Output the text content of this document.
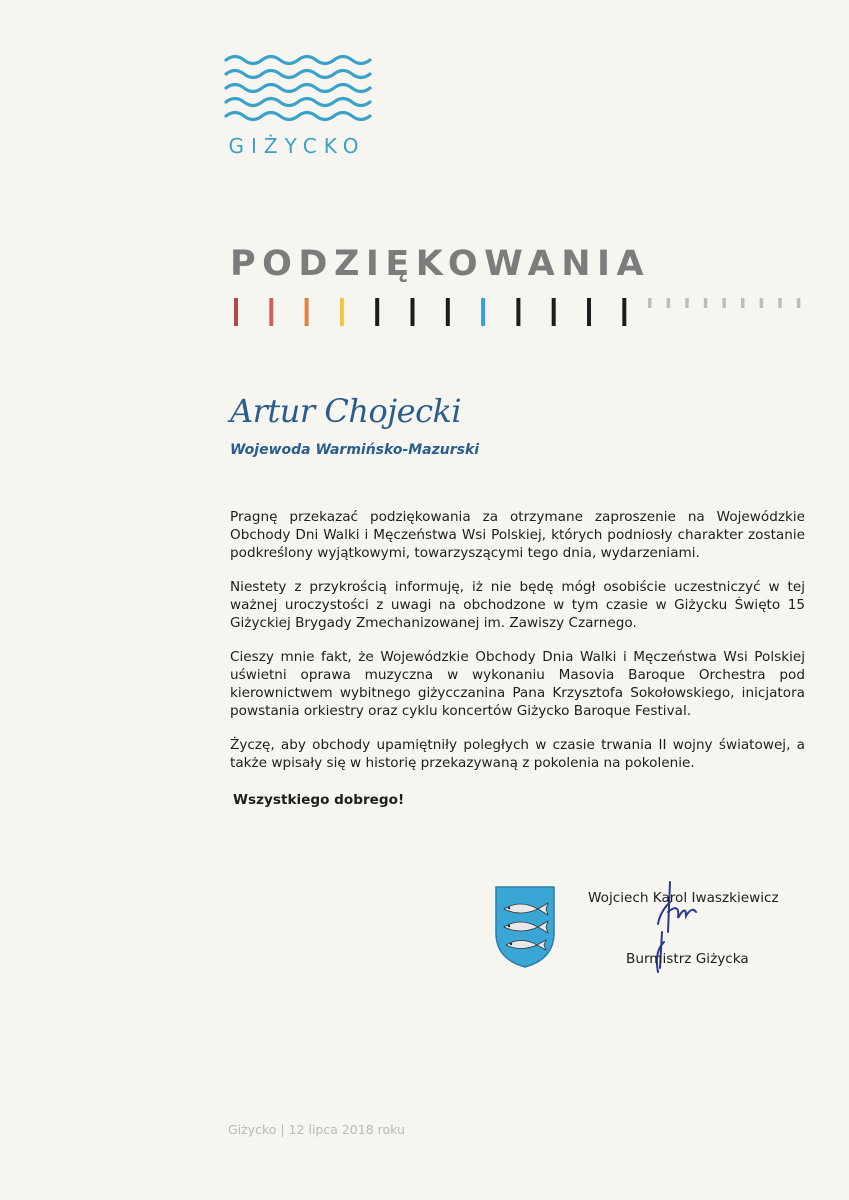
GIŻYCKO
PODZIĘKOWANIA
Artur Chojecki
Wojewoda Warmińsko-Mazurski

Pragnę przekazać podziękowania za otrzymane zaproszenie na Wojewódzkie Obchody Dni Walki i Męczeństwa Wsi Polskiej, których podniosły charakter zostanie podkreślony wyjątkowymi, towarzyszącymi tego dnia, wydarzeniami.

Niestety z przykrością informuję, iż nie będę mógł osobiście uczestniczyć w tej ważnej uroczystości z uwagi na obchodzone w tym czasie w Giżycku Święto 15 Giżyckiej Brygady Zmechanizowanej im. Zawiszy Czarnego.

Cieszy mnie fakt, że Wojewódzkie Obchody Dnia Walki i Męczeństwa Wsi Polskiej uświetni oprawa muzyczna w wykonaniu Masovia Baroque Orchestra pod kierownictwem wybitnego giżycczanina Pana Krzysztofa Sokołowskiego, inicjatora powstania orkiestry oraz cyklu koncertów Giżycko Baroque Festival.

Życzę, aby obchody upamiętniły poległych w czasie trwania II wojny światowej, a także wpisały się w historię przekazywaną z pokolenia na pokolenie.

Wszystkiego dobrego!
Wojciech Karol Iwaszkiewicz
Burmistrz Giżycka
Giżycko | 12 lipca 2018 roku
